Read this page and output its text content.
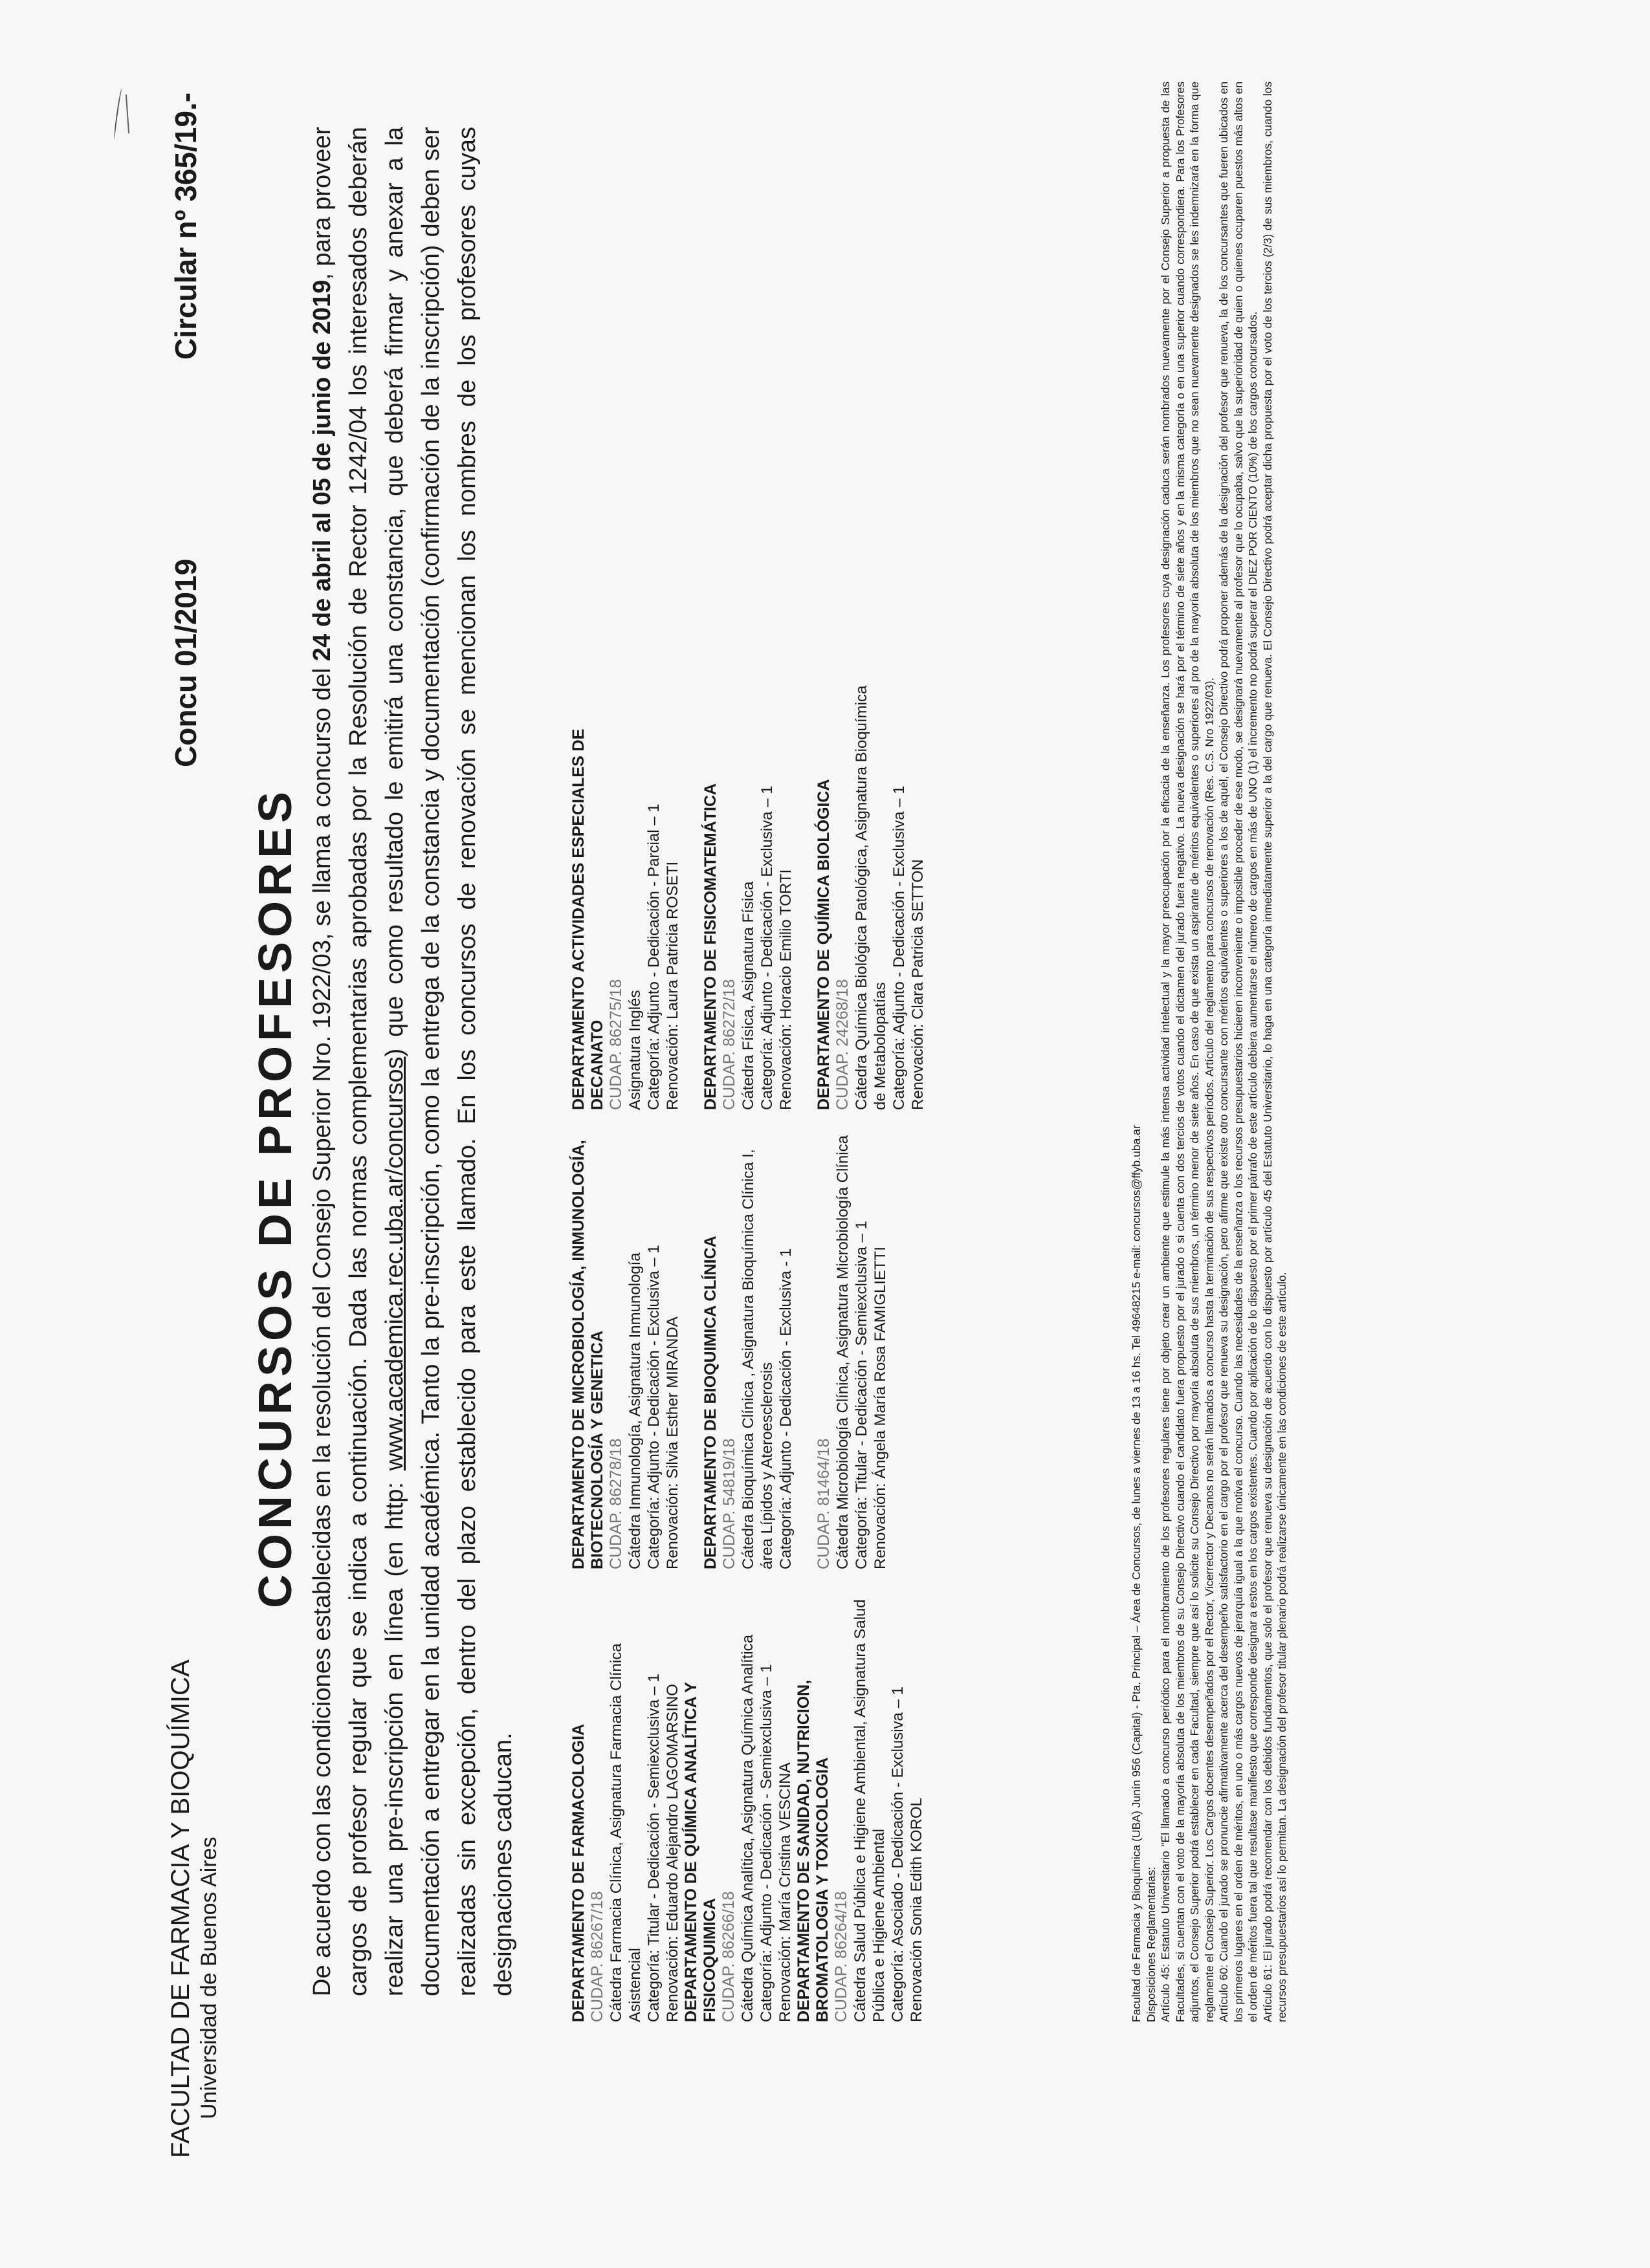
FACULTAD DE FARMACIA Y BIOQUÍMICA Universidad de Buenos Aires
Concu 01/2019
Circular nº 365/19.-
CONCURSOS DE PROFESORES De acuerdo con las condiciones establecidas en la resolución del Consejo Superior Nro. 1922/03, se llama a concurso del 24 de abril al 05 de junio de 2019, para proveer cargos de profesor regular que se indica a continuación. Dada las normas complementarias aprobadas por la Resolución de Rector 1242/04 los interesados deberán realizar una pre-inscripción en línea (en http: www.academica.rec.uba.ar/concursos) que como resultado le emitirá una constancia, que deberá firmar y anexar a la documentación a entregar en la unidad académica. Tanto la pre-inscripción, como la entrega de la constancia y documentación (confirmación de la inscripción) deben ser realizadas sin excepción, dentro del plazo establecido para este llamado. En los concursos de renovación se mencionan los nombres de los profesores cuyas designaciones caducan.	DEPARTAMENTO DE FARMACOLOGIA CUDAP. 86267/18 Cátedra Farmacia Clínica, Asignatura Farmacia Clínica Asistencial Categoría: Titular - Dedicación - Semiexclusiva – 1 Renovación: Eduardo Alejandro LAGOMARSINO DEPARTAMENTO DE QUÍMICA ANALÍTICA Y FISICOQUIMICA CUDAP. 86266/18 Cátedra Química Analítica, Asignatura Química Analítica Categoría: Adjunto - Dedicación - Semiexclusiva – 1 Renovación: María Cristina VESCINA DEPARTAMENTO DE SANIDAD, NUTRICION, BROMATOLOGIA Y TOXICOLOGIA CUDAP. 86264/18 Cátedra Salud Pública e Higiene Ambiental, Asignatura Salud Pública e Higiene Ambiental Categoría: Asociado - Dedicación - Exclusiva – 1 Renovación Sonia Edith KOROL
DEPARTAMENTO DE MICROBIOLOGÍA, INMUNOLOGÍA, BIOTECNOLOGÍA Y GENETICA CUDAP. 86278/18 Cátedra Inmunología, Asignatura Inmunología Categoría: Adjunto - Dedicación - Exclusiva – 1 Renovación: Silvia Esther MIRANDA DEPARTAMENTO DE BIOQUIMICA CLÍNICA CUDAP. 54819/18 Cátedra Bioquímica Clínica , Asignatura Bioquímica Clínica I, área Lípidos y Ateroesclerosis Categoría: Adjunto - Dedicación - Exclusiva - 1 CUDAP. 81464/18 Cátedra Microbiología Clínica, Asignatura Microbiología Clínica Categoría: Titular - Dedicación - Semiexclusiva – 1 Renovación: Ángela María Rosa FAMIGLIETTI
DEPARTAMENTO ACTIVIDADES ESPECIALES DE DECANATO CUDAP. 86275/18 Asignatura Inglés Categoría: Adjunto - Dedicación - Parcial – 1 Renovación: Laura Patricia ROSETI DEPARTAMENTO DE FISICOMATEMÁTICA CUDAP. 86272/18 Cátedra Física, Asignatura Física Categoría: Adjunto - Dedicación - Exclusiva – 1 Renovación: Horacio Emilio TORTI DEPARTAMENTO DE QUÍMICA BIOLÓGICA CUDAP. 24268/18 Cátedra Química Biológica Patológica, Asignatura Bioquímica de Metabolopatías Categoría: Adjunto - Dedicación - Exclusiva – 1 Renovación: Clara Patricia SETTON
Facultad de Farmacia y Bioquímica (UBA) Junín 956 (Capital) - Pta. Principal – Área de Concursos, de lunes a viernes de 13 a 16 hs. Tel 49648215 e-mail: concursos@ffyb.uba.ar
Disposiciones Reglamentarias: Artículo 45: Estatuto Universitario "El llamado a concurso periódico para el nombramiento de los profesores regulares tiene por objeto crear un ambiente que estimule la más intensa actividad intelectual y la mayor preocupación por la eficacia de la enseñanza. Los profesores cuya designación caduca serán nombrados nuevamente por el Consejo Superior a propuesta de las Facultades, si cuentan con el voto de la mayoría absoluta de los miembros de su Consejo Directivo cuando el candidato fuera propuesto por el jurado o si cuenta con dos tercios de votos cuando el dictamen del jurado fuera negativo. La nueva designación se hará por el término de siete años y en la misma categoría o en una superior cuando correspondiera. Para los Profesores adjuntos, el Consejo Superior podrá establecer en cada Facultad, siempre que así lo solicite su Consejo Directivo por mayoría absoluta de sus miembros, un término menor de siete años. En caso de que exista un aspirante de méritos equivalentes o superiores al pro de la mayoría absoluta de los miembros que no sean nuevamente designados se les indemnizará en la forma que reglamente el Consejo Superior. Los Cargos docentes desempeñados por el Rector, Vicerrector y Decanos no serán llamados a concurso hasta la terminación de sus respectivos períodos. Artículo del reglamento para concursos de renovación (Res. C.S. Nro 1922/03). Artículo 60: Cuando el jurado se pronuncie afirmativamente acerca del desempeño satisfactorio en el cargo por el profesor que renueva su designación, pero afirme que existe otro concursante con méritos equivalentes o superiores a los de aquél, el Consejo Directivo podrá proponer además de la designación del profesor que renueva, la de los concursantes que fueren ubicados en los primeros lugares en el orden de méritos, en uno o más cargos nuevos de jerarquía igual a la que motiva el concurso. Cuando las necesidades de la enseñanza o los recursos presupuestarios hicieren inconveniente o imposible proceder de ese modo, se designará nuevamente al profesor que lo ocupaba, salvo que la superioridad de quien o quienes ocuparen puestos más altos en el orden de méritos fuera tal que resultase manifiesto que corresponde designar a estos en los cargos existentes. Cuando por aplicación de lo dispuesto por el primer párrafo de este artículo debiera aumentarse el número de cargos en más de UNO (1) el incremento no podrá superar el DIEZ POR CIENTO (10%) de los cargos concursados. Artículo 61: El jurado podrá recomendar con los debidos fundamentos, que solo el profesor que renueva su designación de acuerdo con lo dispuesto por artículo 45 del Estatuto Universitario, lo haga en una categoría inmediatamente superior a la del cargo que renueva. El Consejo Directivo podrá aceptar dicha propuesta por el voto de los tercios (2/3) de sus miembros, cuando los recursos presupuestarios así lo permitan. La designación del profesor titular plenario podrá realizarse únicamente en las condiciones de este artículo.
